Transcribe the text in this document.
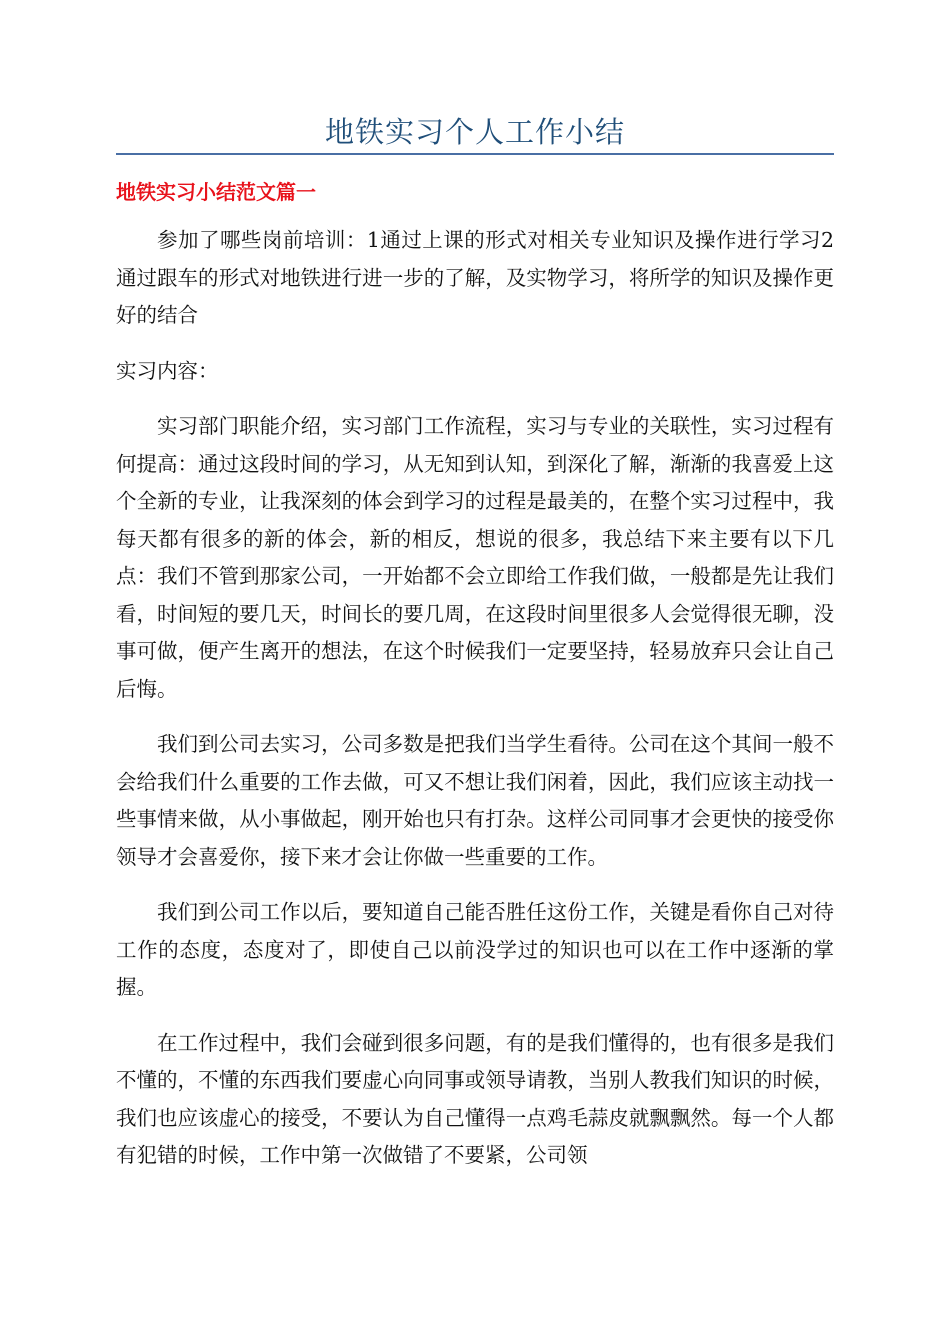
地铁实习个人工作小结
地铁实习小结范文篇一

参加了哪些岗前培训：1通过上课的形式对相关专业知识及操作进行学习2通过跟车的形式对地铁进行进一步的了解，及实物学习，将所学的知识及操作更好的结合

实习内容：

实习部门职能介绍，实习部门工作流程，实习与专业的关联性，实习过程有何提高：通过这段时间的学习，从无知到认知，到深化了解，渐渐的我喜爱上这个全新的专业，让我深刻的体会到学习的过程是最美的，在整个实习过程中，我每天都有很多的新的体会，新的相反，想说的很多，我总结下来主要有以下几点：我们不管到那家公司，一开始都不会立即给工作我们做，一般都是先让我们看，时间短的要几天，时间长的要几周，在这段时间里很多人会觉得很无聊，没事可做，便产生离开的想法，在这个时候我们一定要坚持，轻易放弃只会让自己后悔。

我们到公司去实习，公司多数是把我们当学生看待。公司在这个其间一般不会给我们什么重要的工作去做，可又不想让我们闲着，因此，我们应该主动找一些事情来做，从小事做起，刚开始也只有打杂。这样公司同事才会更快的接受你领导才会喜爱你，接下来才会让你做一些重要的工作。

我们到公司工作以后，要知道自己能否胜任这份工作，关键是看你自己对待工作的态度，态度对了，即使自己以前没学过的知识也可以在工作中逐渐的掌握。

在工作过程中，我们会碰到很多问题，有的是我们懂得的，也有很多是我们不懂的，不懂的东西我们要虚心向同事或领导请教，当别人教我们知识的时候，我们也应该虚心的接受，不要认为自己懂得一点鸡毛蒜皮就飘飘然。每一个人都有犯错的时候，工作中第一次做错了不要紧，公司领
